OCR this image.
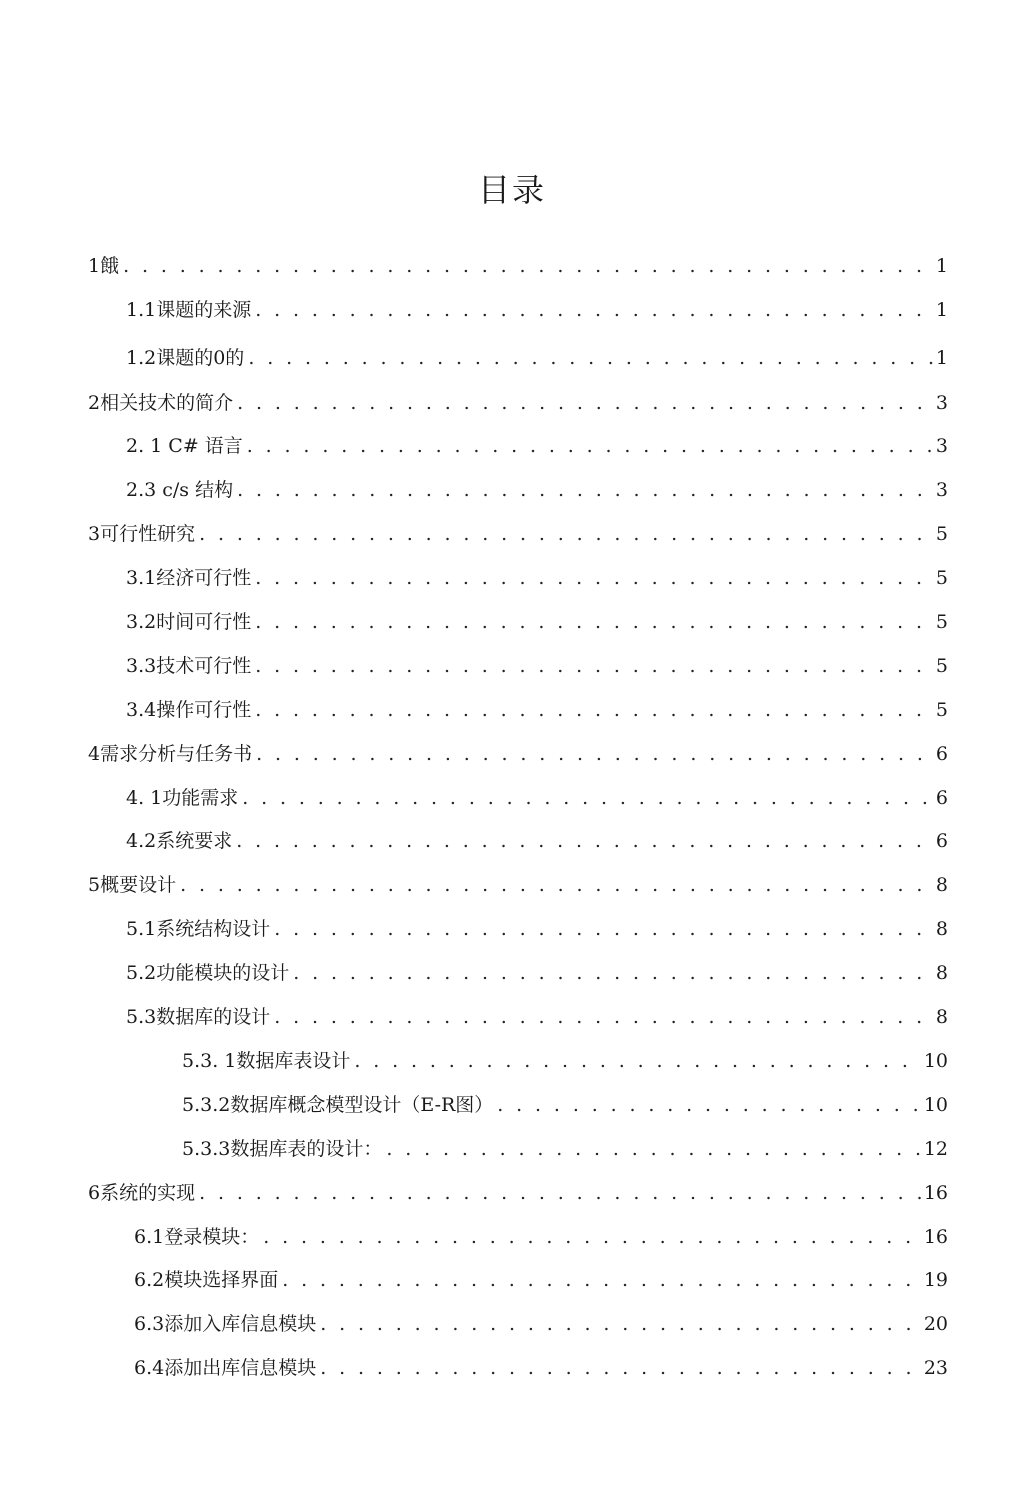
目录
1餓 . . .	1
1.1课题的来源 . . .	1
1.2课题的0的 . . .	1
2相关技术的简介 . . .	3
2. 1 C# 语言 . . .	3
2.3 c/s 结构 . . .	3
3可行性研究 . . .	5
3.1经济可行性 . . .	5
3.2时间可行性 . . .	5
3.3技术可行性 . . .	5
3.4操作可行性 . . .	5
4需求分析与任务书 . . .	6
4. 1功能需求 . . .	6
4.2系统要求 . . .	6
5概要设计 . . .	8
5.1系统结构设计 . . .	8
5.2功能模块的设计 . . .	8
5.3数据库的设计 . . .	8
5.3. 1数据库表设计 . . .	10
5.3.2数据库概念模型设计（E-R图） . . .	10
5.3.3数据库表的设计： . . .	12
6系统的实现 . . .	16
6.1登录模块： . . .	16
6.2模块选择界面 . . .	19
6.3添加入库信息模块 . . .	20
6.4添加出库信息模块 . . .	23
